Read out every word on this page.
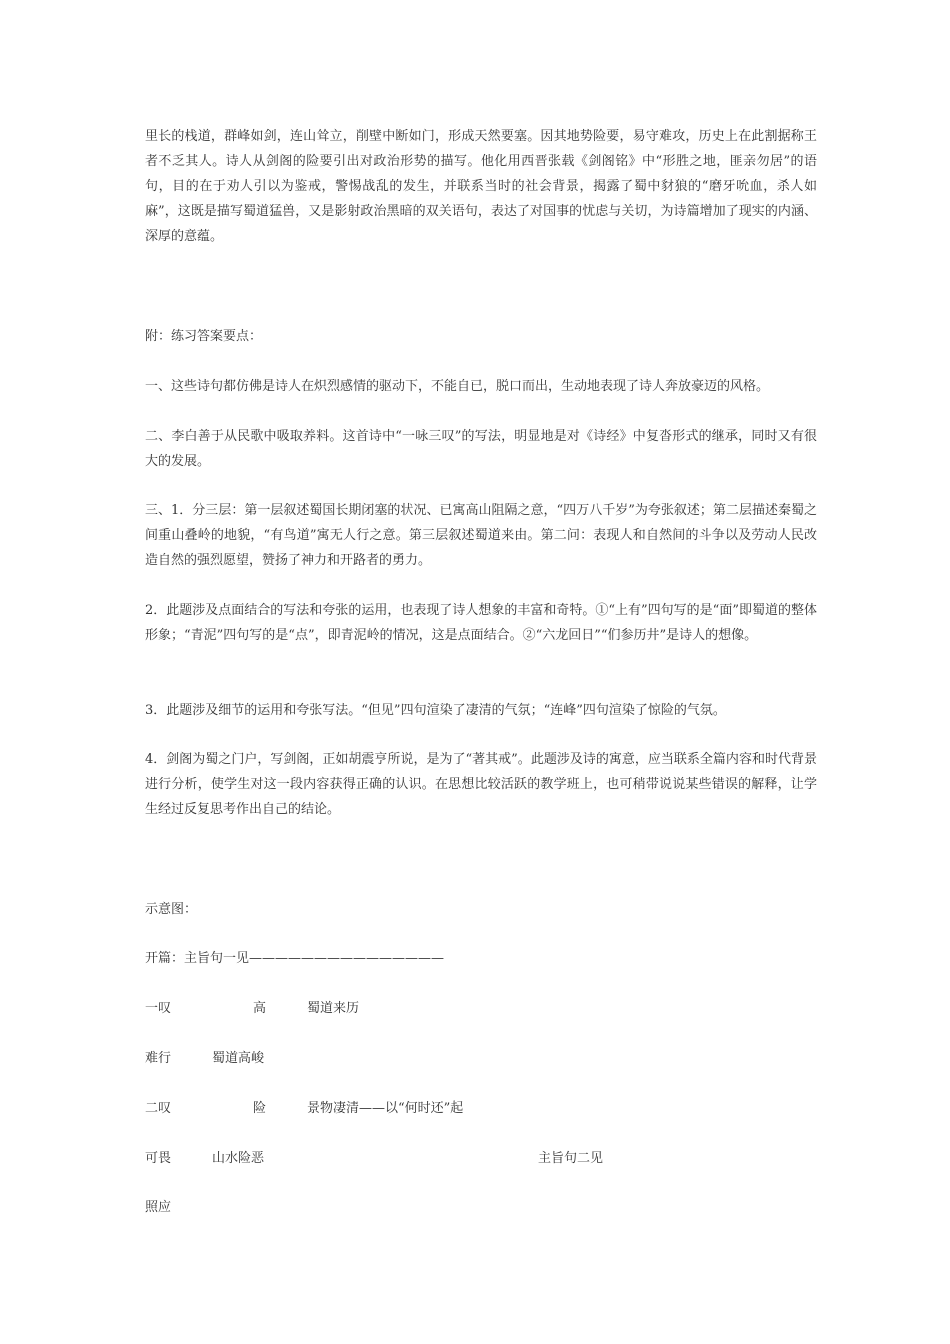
里长的栈道，群峰如剑，连山耸立，削壁中断如门，形成天然要塞。因其地势险要，易守难攻，历史上在此割据称王者不乏其人。诗人从剑阁的险要引出对政治形势的描写。他化用西晋张载《剑阁铭》中“形胜之地，匪亲勿居”的语句，目的在于劝人引以为鉴戒，警惕战乱的发生，并联系当时的社会背景，揭露了蜀中豺狼的“磨牙吮血，杀人如麻”，这既是描写蜀道猛兽，又是影射政治黑暗的双关语句，表达了对国事的忧虑与关切，为诗篇增加了现实的内涵、深厚的意蕴。

附：练习答案要点：

一、这些诗句都仿佛是诗人在炽烈感情的驱动下，不能自已，脱口而出，生动地表现了诗人奔放豪迈的风格。

二、李白善于从民歌中吸取养料。这首诗中“一咏三叹”的写法，明显地是对《诗经》中复沓形式的继承，同时又有很大的发展。

三、1．分三层：第一层叙述蜀国长期闭塞的状况、已寓高山阻隔之意，“四万八千岁”为夸张叙述；第二层描述秦蜀之间重山叠岭的地貌，“有鸟道”寓无人行之意。第三层叙述蜀道来由。第二问：表现人和自然间的斗争以及劳动人民改造自然的强烈愿望，赞扬了神力和开路者的勇力。

2．此题涉及点面结合的写法和夸张的运用，也表现了诗人想象的丰富和奇特。①“上有”四句写的是“面”即蜀道的整体形象；“青泥”四句写的是“点”，即青泥岭的情况，这是点面结合。②“六龙回日”“们参历井”是诗人的想像。

3．此题涉及细节的运用和夸张写法。“但见”四句渲染了凄清的气氛；“连峰”四句渲染了惊险的气氛。

4．剑阁为蜀之门户，写剑阁，正如胡震亨所说，是为了“著其戒”。此题涉及诗的寓意，应当联系全篇内容和时代背景进行分析，使学生对这一段内容获得正确的认识。在思想比较活跃的教学班上，也可稍带说说某些错误的解释，让学生经过反复思考作出自己的结论。

示意图：
开篇：主旨句一见———————————————
一叹	高	蜀道来历
难行	蜀道高峻
二叹	险	景物凄清——以“何时还”起
可畏	山水险恶	主旨句二见
照应
